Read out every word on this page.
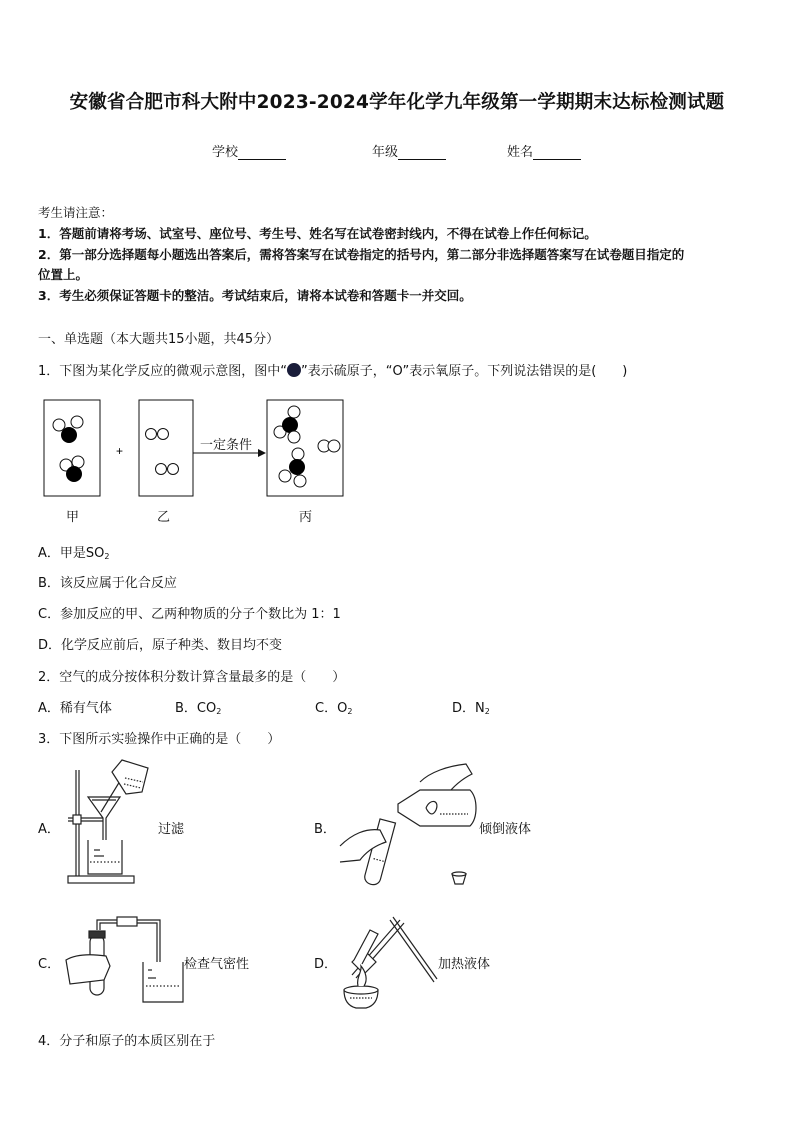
安徽省合肥市科大附中2023-2024学年化学九年级第一学期期末达标检测试题
学校	年级	姓名
考生请注意：
1．答题前请将考场、试室号、座位号、考生号、姓名写在试卷密封线内，不得在试卷上作任何标记。
2．第一部分选择题每小题选出答案后，需将答案写在试卷指定的括号内，第二部分非选择题答案写在试卷题目指定的
位置上。
3．考生必须保证答题卡的整洁。考试结束后，请将本试卷和答题卡一并交回。
一、单选题（本大题共15小题，共45分）
1．下图为某化学反应的微观示意图，图中“ ”表示硫原子，“O”表示氧原子。下列说法错误的是(　　)
+	一定条件
甲	乙	丙
A．甲是$SO_2$
B．该反应属于化合反应
C．参加反应的甲、乙两种物质的分子个数比为 1：1
D．化学反应前后，原子种类、数目均不变
2．空气的成分按体积分数计算含量最多的是（　　）
A．稀有气体	B．$CO_2$	C．$O_2$	D．$N_2$
3．下图所示实验操作中正确的是（　　）
A．	过滤	B．	倾倒液体
C．	检查气密性	D．	加热液体
4．分子和原子的本质区别在于
